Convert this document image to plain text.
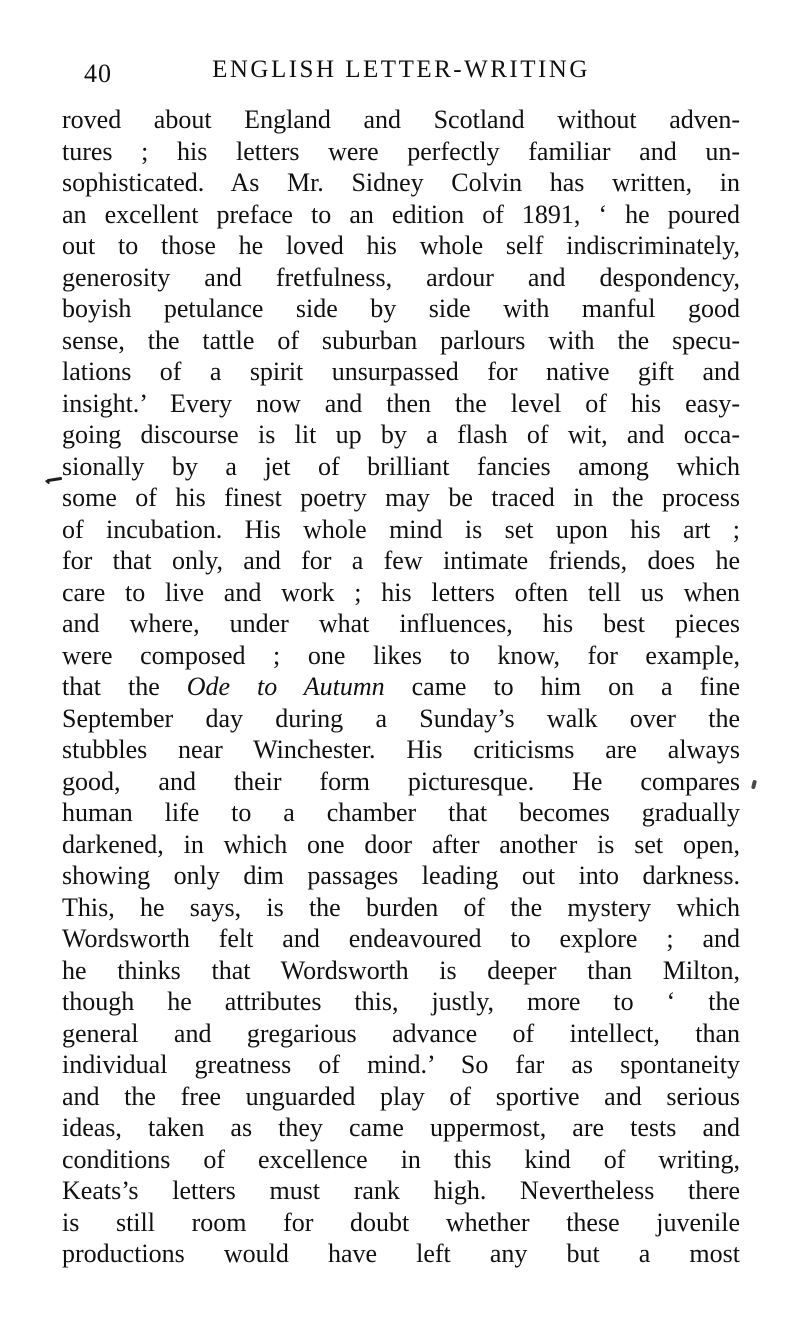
40	ENGLISH LETTER-WRITING
roved about England and Scotland without adven-
tures ; his letters were perfectly familiar and un-
sophisticated. As Mr. Sidney Colvin has written, in
an excellent preface to an edition of 1891, ‘ he poured
out to those he loved his whole self indiscriminately,
generosity and fretfulness, ardour and despondency,
boyish petulance side by side with manful good
sense, the tattle of suburban parlours with the specu-
lations of a spirit unsurpassed for native gift and
insight.’ Every now and then the level of his easy-
going discourse is lit up by a flash of wit, and occa-
sionally by a jet of brilliant fancies among which
some of his finest poetry may be traced in the process
of incubation. His whole mind is set upon his art ;
for that only, and for a few intimate friends, does he
care to live and work ; his letters often tell us when
and where, under what influences, his best pieces
were composed ; one likes to know, for example,
that the Ode to Autumn came to him on a fine
September day during a Sunday’s walk over the
stubbles near Winchester. His criticisms are always
good, and their form picturesque. He compares
human life to a chamber that becomes gradually
darkened, in which one door after another is set open,
showing only dim passages leading out into darkness.
This, he says, is the burden of the mystery which
Wordsworth felt and endeavoured to explore ; and
he thinks that Wordsworth is deeper than Milton,
though he attributes this, justly, more to ‘ the
general and gregarious advance of intellect, than
individual greatness of mind.’ So far as spontaneity
and the free unguarded play of sportive and serious
ideas, taken as they came uppermost, are tests and
conditions of excellence in this kind of writing,
Keats’s letters must rank high. Nevertheless there
is still room for doubt whether these juvenile
productions would have left any but a most
